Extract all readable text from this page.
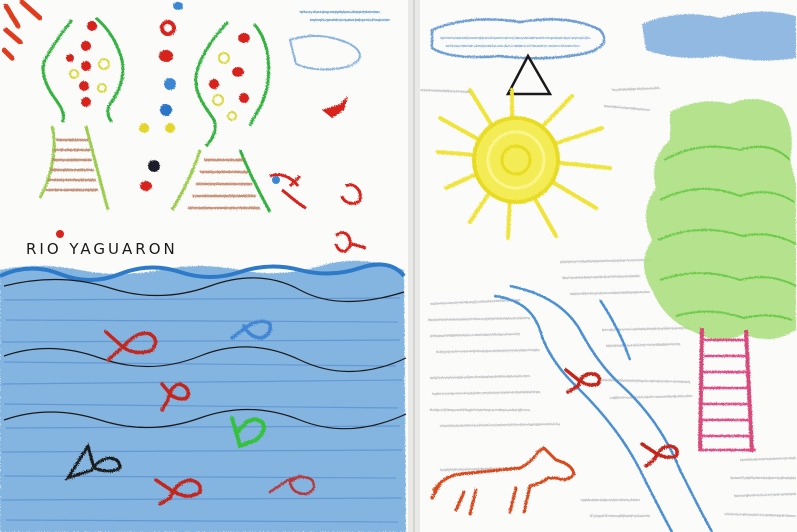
RIO YAGUARON
